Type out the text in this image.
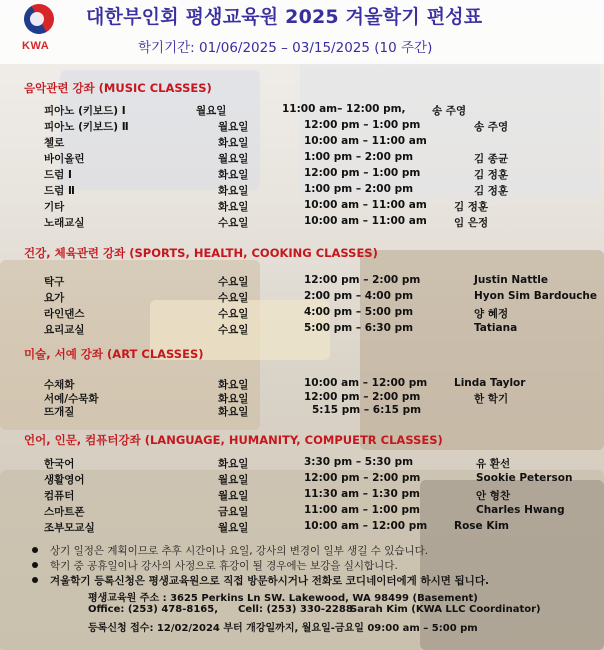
KWA
대한부인회 평생교육원 2025 겨울학기 편성표
학기기간: 01/06/2025 – 03/15/2025 (10 주간)
음악관련 강좌 (MUSIC CLASSES)
피아노 (키보드) Ⅰ	월요일	11:00 am– 12:00 pm,	송 주영
피아노 (키보드) Ⅱ	월요일	12:00 pm – 1:00 pm	송 주영
첼로	화요일	10:00 am – 11:00 am
바이올린	월요일	1:00 pm – 2:00 pm	김 종균
드럼 Ⅰ	화요일	12:00 pm – 1:00 pm	김 정훈
드럼 Ⅱ	화요일	1:00 pm – 2:00 pm	김 정훈
기타	화요일	10:00 am – 11:00 am	김 정훈
노래교실	수요일	10:00 am – 11:00 am	임 은정
건강, 체육관련 강좌 (SPORTS, HEALTH, COOKING CLASSES)
탁구	수요일	12:00 pm – 2:00 pm	Justin Nattle
요가	수요일	2:00 pm – 4:00 pm	Hyon Sim Bardouche
라인댄스	수요일	4:00 pm – 5:00 pm	양 혜정
요리교실	수요일	5:00 pm – 6:30 pm	Tatiana
미술, 서예 강좌 (ART CLASSES)
수채화	화요일	10:00 am – 12:00 pm	Linda Taylor
서예/수묵화	화요일	12:00 pm – 2:00 pm	한 학기
뜨개질	화요일	5:15 pm – 6:15 pm
언어, 인문, 컴퓨터강좌 (LANGUAGE, HUMANITY, COMPUETR CLASSES)
한국어	화요일	3:30 pm – 5:30 pm	유 환선
생활영어	월요일	12:00 pm – 2:00 pm	Sookie Peterson
컴퓨터	월요일	11:30 am – 1:30 pm	안 형찬
스마트폰	금요일	11:00 am – 1:00 pm	Charles Hwang
조부모교실	월요일	10:00 am – 12:00 pm	Rose Kim
상기 일정은 계획이므로 추후 시간이나 요일, 강사의 변경이 일부 생길 수 있습니다.
학기 중 공휴일이나 강사의 사정으로 휴강이 될 경우에는 보강을 실시합니다.
겨울학기 등록신청은 평생교육원으로 직접 방문하시거나 전화로 코디네이터에게 하시면 됩니다.
평생교육원 주소 : 3625 Perkins Ln SW. Lakewood, WA 98499 (Basement)
Office: (253) 478-8165, Cell: (253) 330-2288
Sarah Kim (KWA LLC Coordinator)
등록신청 접수: 12/02/2024 부터 개강일까지, 월요일-금요일 09:00 am – 5:00 pm
